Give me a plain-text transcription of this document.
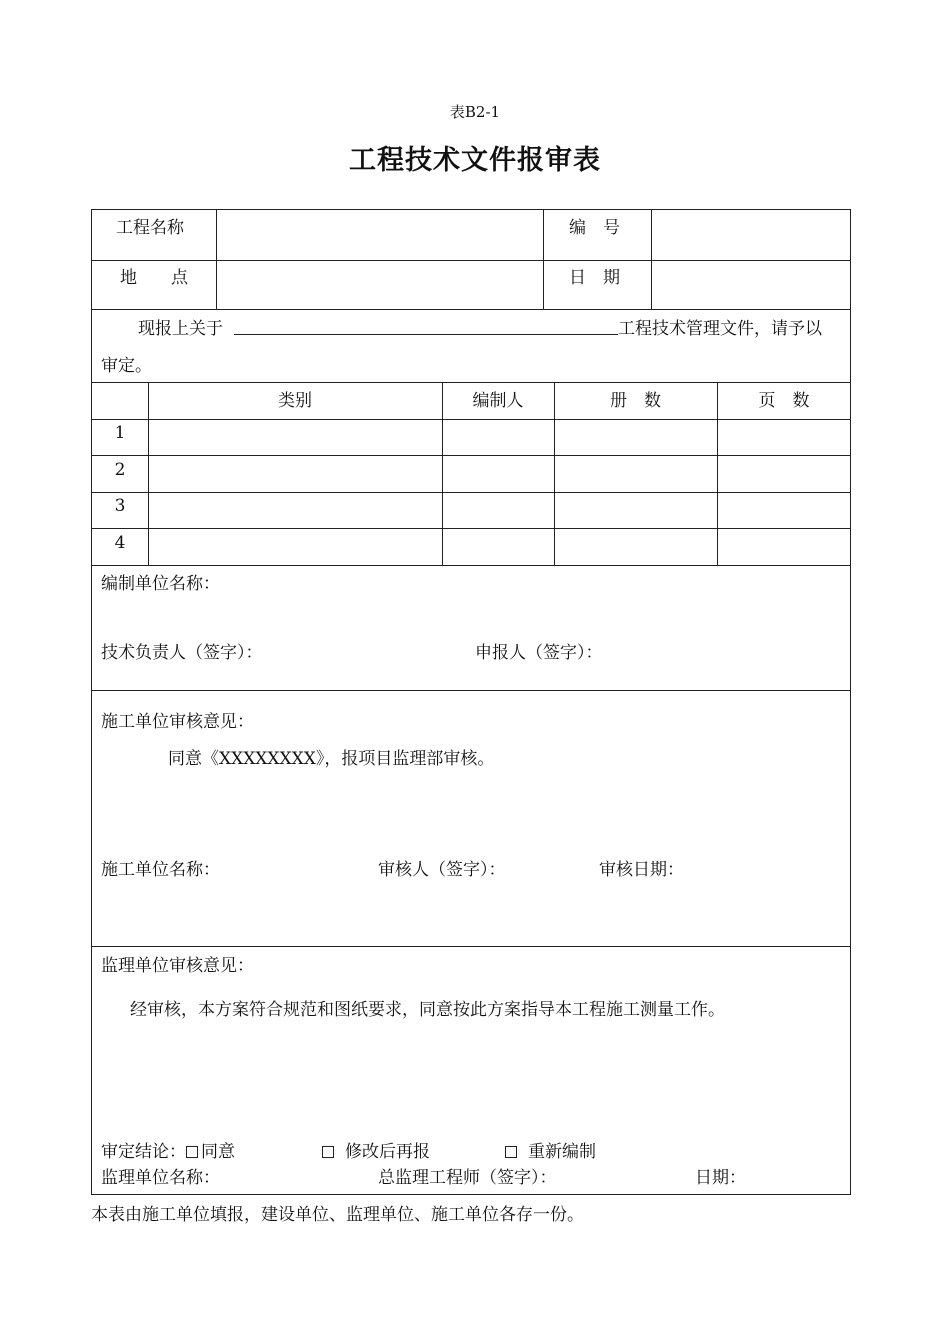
表B2-1
工程技术文件报审表
工程名称	编　号
地　　点	日　期
现报上关于	工程技术管理文件，请予以
审定。
类别	编制人	册　数	页　数
1
2
3
4
编制单位名称：
技术负责人（签字）：	申报人（签字）：
施工单位审核意见：
同意《XXXXXXXX》，报项目监理部审核。
施工单位名称：	审核人（签字）：	审核日期：
监理单位审核意见：
经审核，本方案符合规范和图纸要求，同意按此方案指导本工程施工测量工作。
审定结论： 同意	修改后再报	重新编制
监理单位名称：	总监理工程师（签字）：	日期：
本表由施工单位填报，建设单位、监理单位、施工单位各存一份。
